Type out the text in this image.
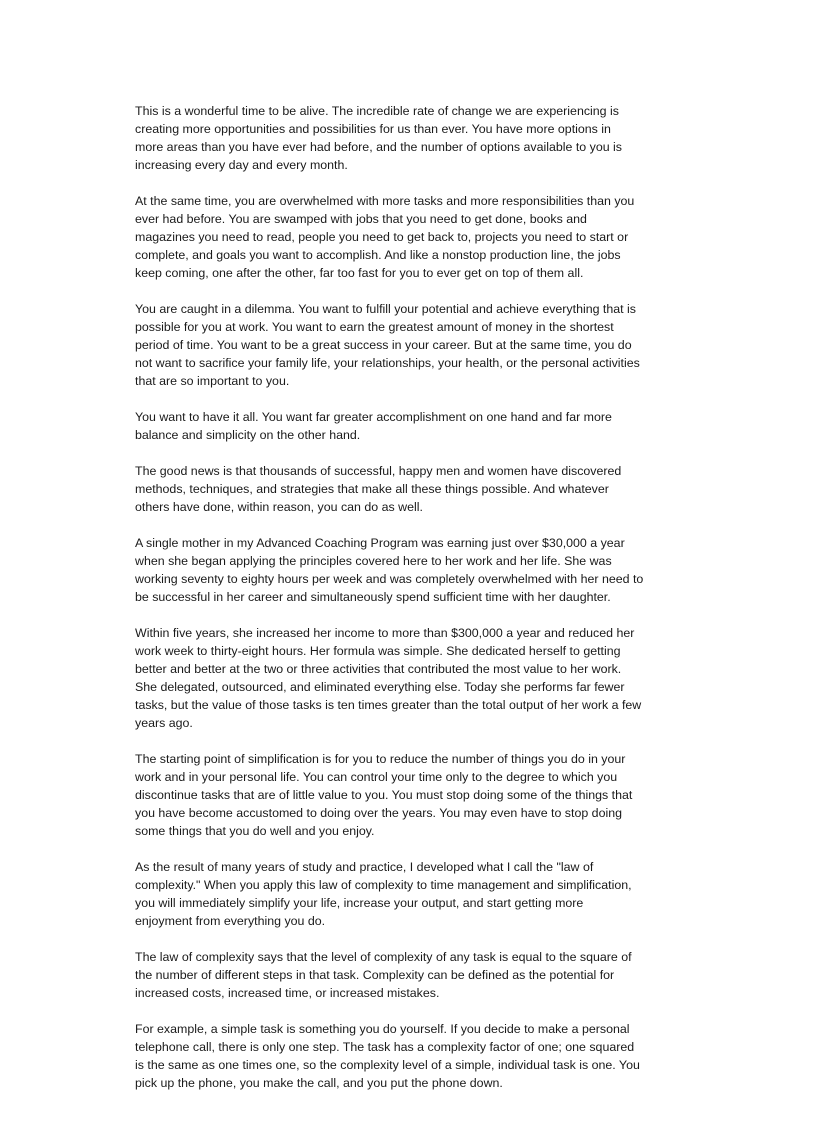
This is a wonderful time to be alive. The incredible rate of change we are experiencing is
creating more opportunities and possibilities for us than ever. You have more options in
more areas than you have ever had before, and the number of options available to you is
increasing every day and every month.

At the same time, you are overwhelmed with more tasks and more responsibilities than you
ever had before. You are swamped with jobs that you need to get done, books and
magazines you need to read, people you need to get back to, projects you need to start or
complete, and goals you want to accomplish. And like a nonstop production line, the jobs
keep coming, one after the other, far too fast for you to ever get on top of them all.

You are caught in a dilemma. You want to fulfill your potential and achieve everything that is
possible for you at work. You want to earn the greatest amount of money in the shortest
period of time. You want to be a great success in your career. But at the same time, you do
not want to sacrifice your family life, your relationships, your health, or the personal activities
that are so important to you.

You want to have it all. You want far greater accomplishment on one hand and far more
balance and simplicity on the other hand.

The good news is that thousands of successful, happy men and women have discovered
methods, techniques, and strategies that make all these things possible. And whatever
others have done, within reason, you can do as well.

A single mother in my Advanced Coaching Program was earning just over $30,000 a year
when she began applying the principles covered here to her work and her life. She was
working seventy to eighty hours per week and was completely overwhelmed with her need to
be successful in her career and simultaneously spend sufficient time with her daughter.

Within five years, she increased her income to more than $300,000 a year and reduced her
work week to thirty-eight hours. Her formula was simple. She dedicated herself to getting
better and better at the two or three activities that contributed the most value to her work.
She delegated, outsourced, and eliminated everything else. Today she performs far fewer
tasks, but the value of those tasks is ten times greater than the total output of her work a few
years ago.

The starting point of simplification is for you to reduce the number of things you do in your
work and in your personal life. You can control your time only to the degree to which you
discontinue tasks that are of little value to you. You must stop doing some of the things that
you have become accustomed to doing over the years. You may even have to stop doing
some things that you do well and you enjoy.

As the result of many years of study and practice, I developed what I call the "law of
complexity." When you apply this law of complexity to time management and simplification,
you will immediately simplify your life, increase your output, and start getting more
enjoyment from everything you do.

The law of complexity says that the level of complexity of any task is equal to the square of
the number of different steps in that task. Complexity can be defined as the potential for
increased costs, increased time, or increased mistakes.

For example, a simple task is something you do yourself. If you decide to make a personal
telephone call, there is only one step. The task has a complexity factor of one; one squared
is the same as one times one, so the complexity level of a simple, individual task is one. You
pick up the phone, you make the call, and you put the phone down.
